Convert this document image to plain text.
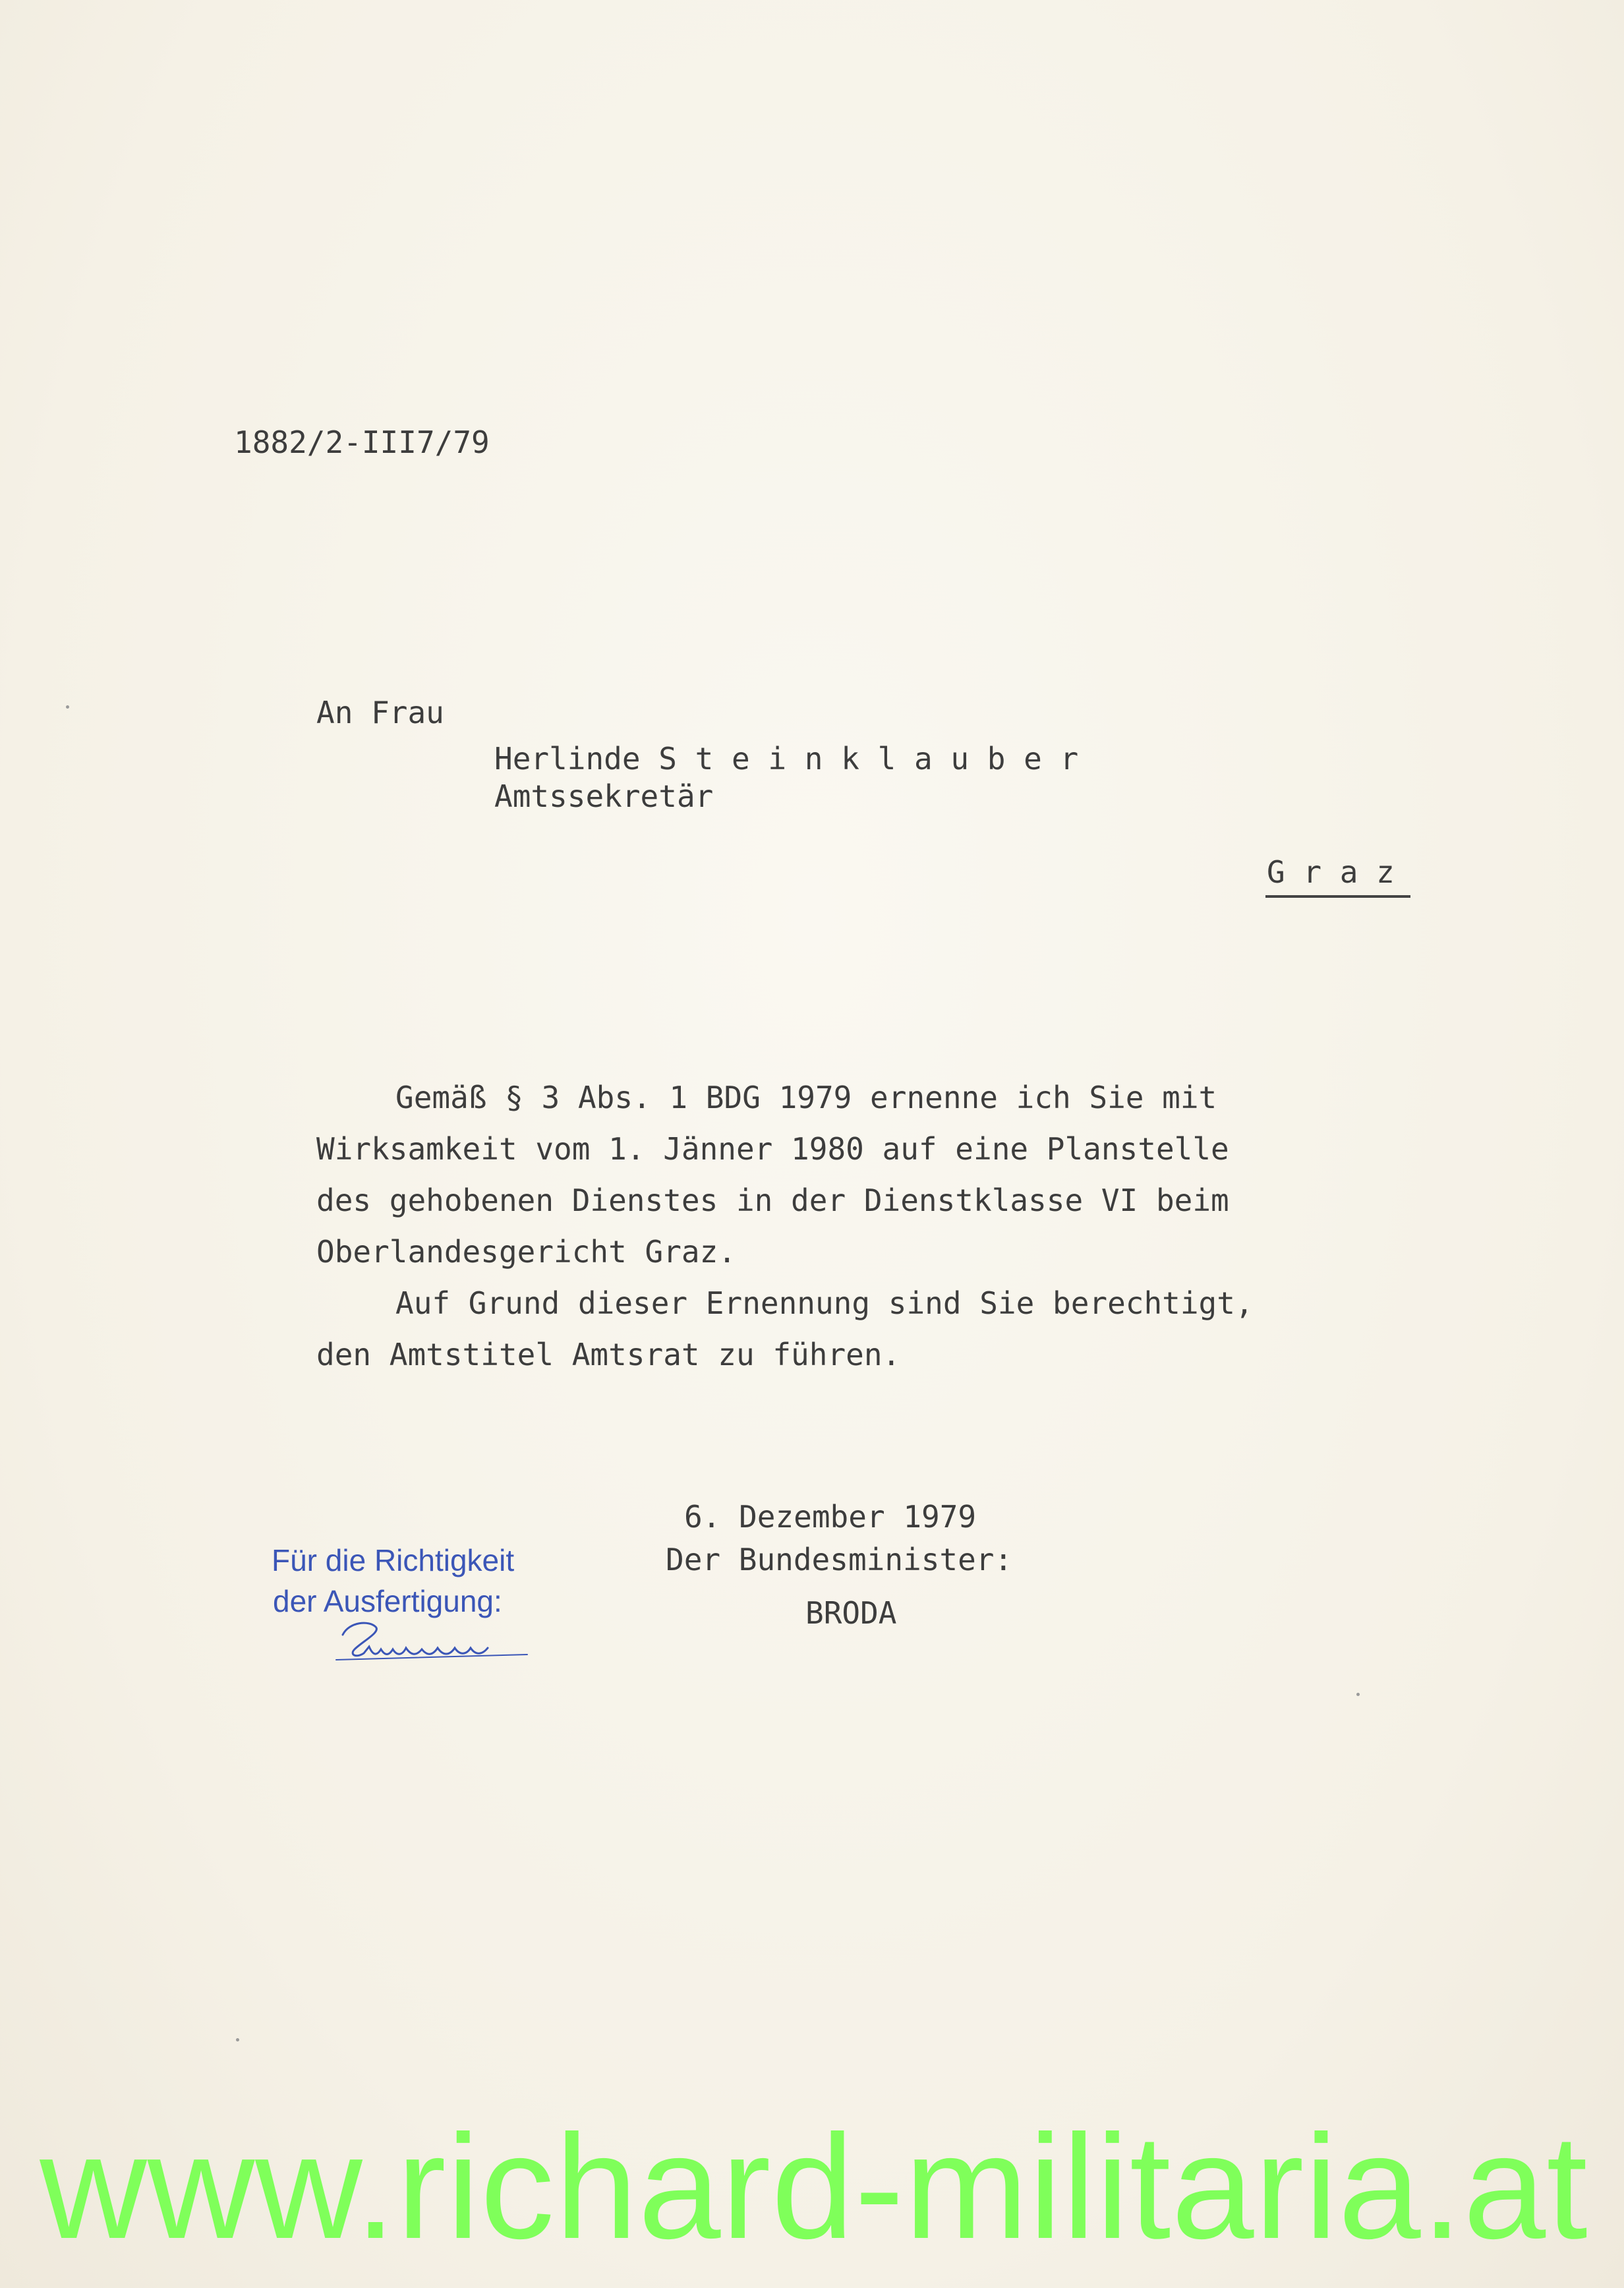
1882/2-III7/79
An Frau
Herlinde S t e i n k l a u b e r
Amtssekretär
G r a z
Gemäß § 3 Abs. 1 BDG 1979 ernenne ich Sie mit
Wirksamkeit vom 1. Jänner 1980 auf eine Planstelle
des gehobenen Dienstes in der Dienstklasse VI beim
Oberlandesgericht Graz.
Auf Grund dieser Ernennung sind Sie berechtigt,
den Amtstitel Amtsrat zu führen.
6. Dezember 1979
Der Bundesminister:
BRODA
Für die Richtigkeit
der Ausfertigung:
www.richard-militaria.at
